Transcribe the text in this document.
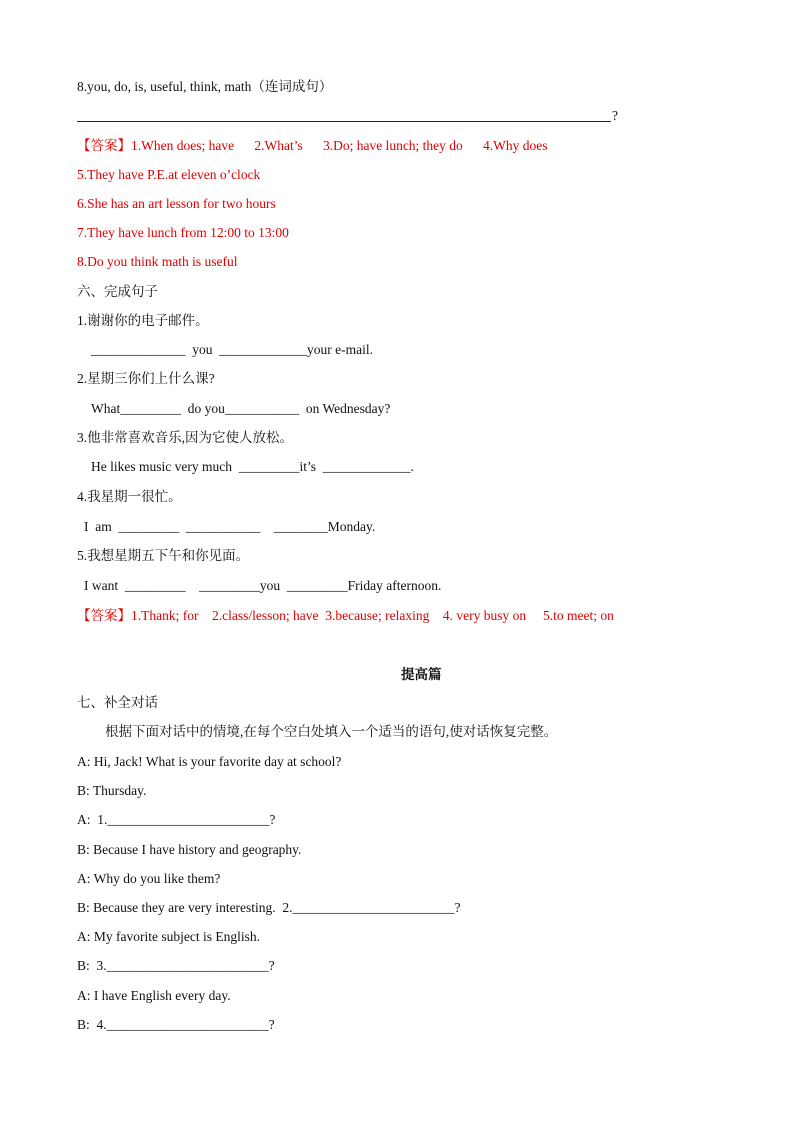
8.you, do, is, useful, think, math（连词成句）
?
【答案】1.When does; have      2.What’s      3.Do; have lunch; they do      4.Why does
5.They have P.E.at eleven o’clock
6.She has an art lesson for two hours
7.They have lunch from 12:00 to 13:00
8.Do you think math is useful
六、完成句子
1.谢谢你的电子邮件。
______________  you  _____________your e-mail.
2.星期三你们上什么课?
What_________  do you___________  on Wednesday?
3.他非常喜欢音乐,因为它使人放松。
He likes music very much  _________it’s  _____________.
4.我星期一很忙。
I  am  _________  ___________    ________Monday.
5.我想星期五下午和你见面。
I want  _________    _________you  _________Friday afternoon.
【答案】1.Thank; for    2.class/lesson; have  3.because; relaxing    4. very busy on     5.to meet; on
提高篇
七、补全对话
根据下面对话中的情境,在每个空白处填入一个适当的语句,使对话恢复完整。
A: Hi, Jack! What is your favorite day at school?
B: Thursday.
A:  1.________________________?
B: Because I have history and geography.
A: Why do you like them?
B: Because they are very interesting.  2.________________________?
A: My favorite subject is English.
B:  3.________________________?
A: I have English every day.
B:  4.________________________?
